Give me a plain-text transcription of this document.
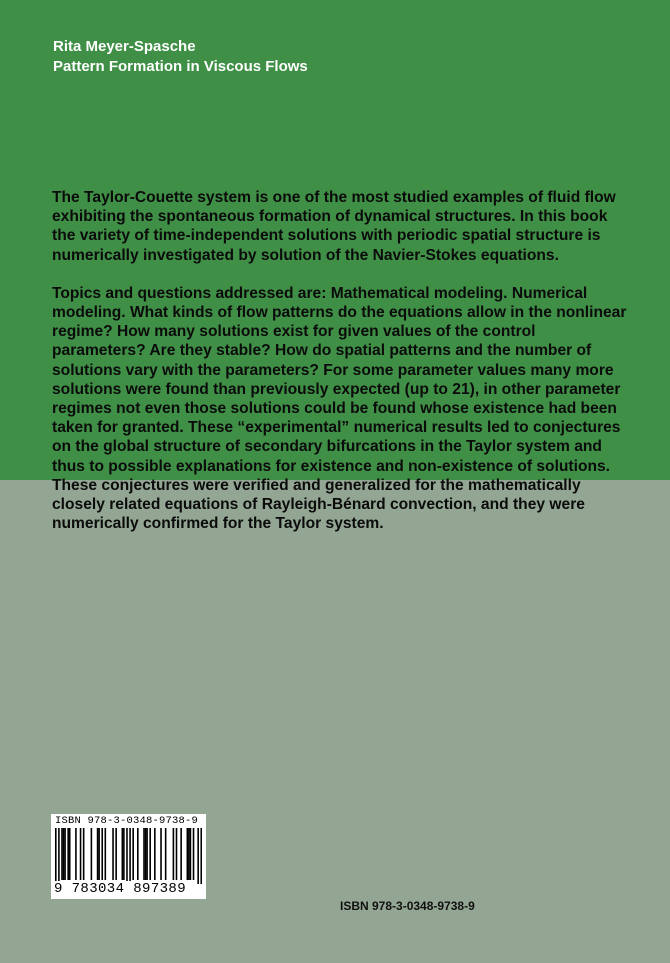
Rita Meyer-Spasche
Pattern Formation in Viscous Flows

The Taylor-Couette system is one of the most studied examples of fluid flow exhibiting the spontaneous formation of dynamical structures. In this book the variety of time-independent solutions with periodic spatial structure is numerically investigated by solution of the Navier-Stokes equations.

Topics and questions addressed are: Mathematical modeling. Numerical modeling. What kinds of flow patterns do the equations allow in the nonlinear regime? How many solutions exist for given values of the control parameters? Are they stable? How do spatial patterns and the number of solutions vary with the parameters? For some parameter values many more solutions were found than previously expected (up to 21), in other parameter regimes not even those solutions could be found whose existence had been taken for granted. These “experimental” numerical results led to conjectures on the global structure of secondary bifurcations in the Taylor system and thus to possible explanations for existence and non-existence of solutions. These conjectures were verified and generalized for the mathematically closely related equations of Rayleigh-Bénard convection, and they were numerically confirmed for the Taylor system.

ISBN 978-3-0348-9738-9
9 783034 897389
ISBN 978-3-0348-9738-9
